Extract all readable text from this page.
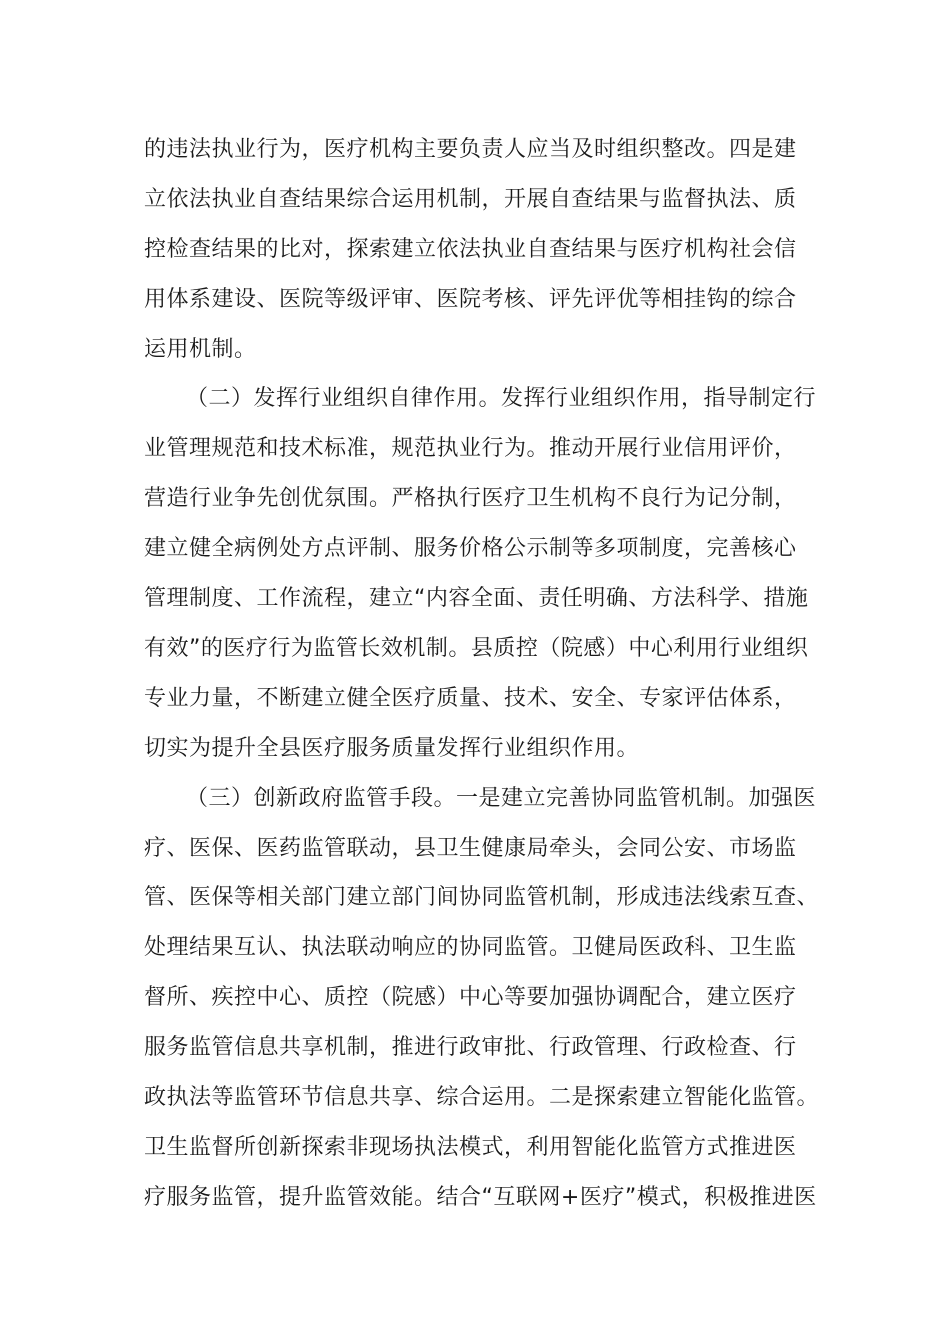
的违法执业行为，医疗机构主要负责人应当及时组织整改。四是建
立依法执业自查结果综合运用机制，开展自查结果与监督执法、质
控检查结果的比对，探索建立依法执业自查结果与医疗机构社会信
用体系建设、医院等级评审、医院考核、评先评优等相挂钩的综合
运用机制。
（二）发挥行业组织自律作用。发挥行业组织作用，指导制定行
业管理规范和技术标准，规范执业行为。推动开展行业信用评价，
营造行业争先创优氛围。严格执行医疗卫生机构不良行为记分制，
建立健全病例处方点评制、服务价格公示制等多项制度，完善核心
管理制度、工作流程，建立“内容全面、责任明确、方法科学、措施
有效”的医疗行为监管长效机制。县质控（院感）中心利用行业组织
专业力量，不断建立健全医疗质量、技术、安全、专家评估体系，
切实为提升全县医疗服务质量发挥行业组织作用。
（三）创新政府监管手段。一是建立完善协同监管机制。加强医
疗、医保、医药监管联动，县卫生健康局牵头，会同公安、市场监
管、医保等相关部门建立部门间协同监管机制，形成违法线索互查、
处理结果互认、执法联动响应的协同监管。卫健局医政科、卫生监
督所、疾控中心、质控（院感）中心等要加强协调配合，建立医疗
服务监管信息共享机制，推进行政审批、行政管理、行政检查、行
政执法等监管环节信息共享、综合运用。二是探索建立智能化监管。
卫生监督所创新探索非现场执法模式，利用智能化监管方式推进医
疗服务监管，提升监管效能。结合“互联网+医疗”模式，积极推进医
